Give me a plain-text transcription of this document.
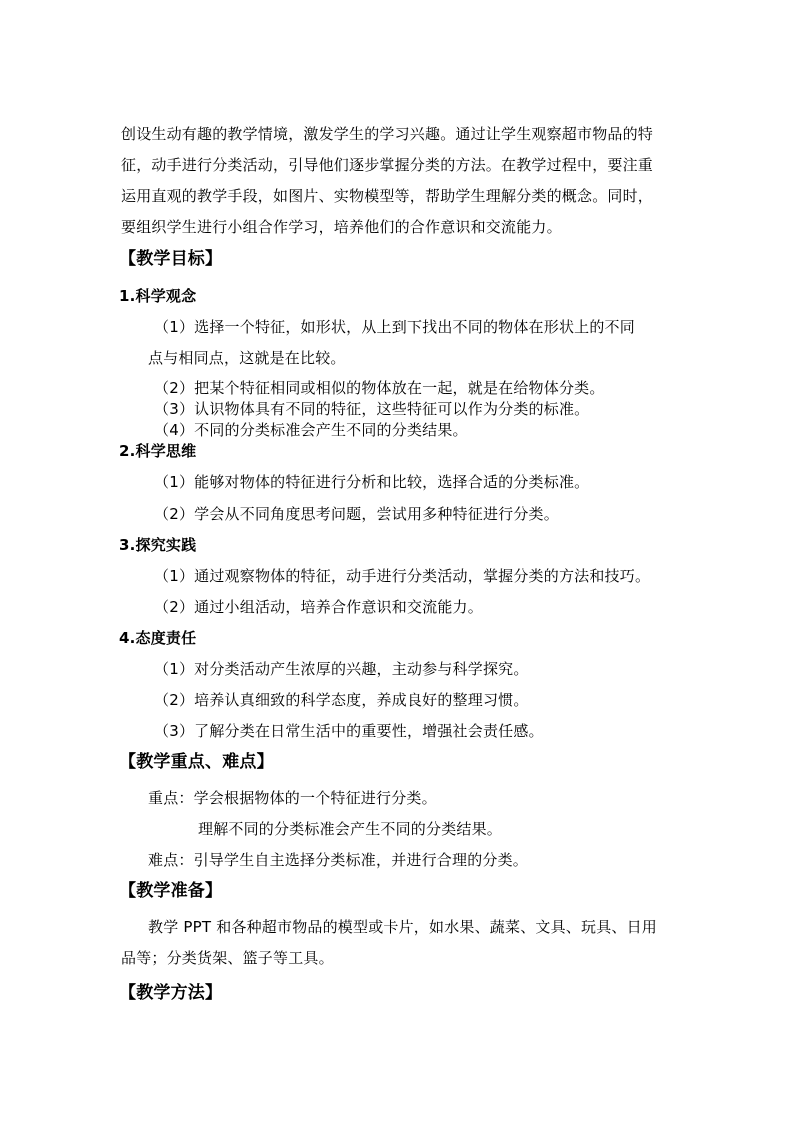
创设生动有趣的教学情境，激发学生的学习兴趣。通过让学生观察超市物品的特
征，动手进行分类活动，引导他们逐步掌握分类的方法。在教学过程中，要注重
运用直观的教学手段，如图片、实物模型等，帮助学生理解分类的概念。同时，
要组织学生进行小组合作学习，培养他们的合作意识和交流能力。
【教学目标】
1.科学观念
（1）选择一个特征，如形状，从上到下找出不同的物体在形状上的不同
点与相同点，这就是在比较。
（2）把某个特征相同或相似的物体放在一起，就是在给物体分类。
（3）认识物体具有不同的特征，这些特征可以作为分类的标准。
（4）不同的分类标准会产生不同的分类结果。
2.科学思维
（1）能够对物体的特征进行分析和比较，选择合适的分类标准。
（2）学会从不同角度思考问题，尝试用多种特征进行分类。
3.探究实践
（1）通过观察物体的特征，动手进行分类活动，掌握分类的方法和技巧。
（2）通过小组活动，培养合作意识和交流能力。
4.态度责任
（1）对分类活动产生浓厚的兴趣，主动参与科学探究。
（2）培养认真细致的科学态度，养成良好的整理习惯。
（3）了解分类在日常生活中的重要性，增强社会责任感。
【教学重点、难点】
重点：学会根据物体的一个特征进行分类。
理解不同的分类标准会产生不同的分类结果。
难点：引导学生自主选择分类标准，并进行合理的分类。
【教学准备】
教学 PPT 和各种超市物品的模型或卡片，如水果、蔬菜、文具、玩具、日用
品等；分类货架、篮子等工具。
【教学方法】
